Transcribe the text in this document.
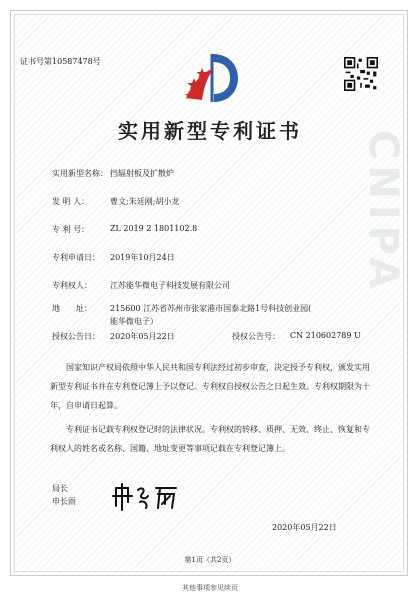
CNIPA
证书号第10587478号
实用新型专利证书
实用新型名称： 挡辐射板及扩散炉
发 明 人：	曹文;朱廷刚;胡小龙
专 利 号：	ZL 2019 2 1801102.8
专利申请日： 2019年10月24日
专利权人： 江苏能华微电子科技发展有限公司
地　　址： 215600 江苏省苏州市张家港市国泰北路1号科技创业园(
能华微电子）
授权公告日： 2020年05月22日	授权公告号： CN 210602789 U
国家知识产权局依照中华人民共和国专利法经过初步审查，决定授予专利权，颁发实用
新型专利证书并在专利登记簿上予以登记。专利权自授权公告之日起生效。专利权期限为十
年，自申请日起算。
专利证书记载专利权登记时的法律状况。专利权的转移、质押、无效、终止、恢复和专
利权人的姓名或名称、国籍、地址变更等事项记载在专利登记簿上。
局长
申长雨
2020年05月22日
第1页（共2页）
其他事项参见续页
